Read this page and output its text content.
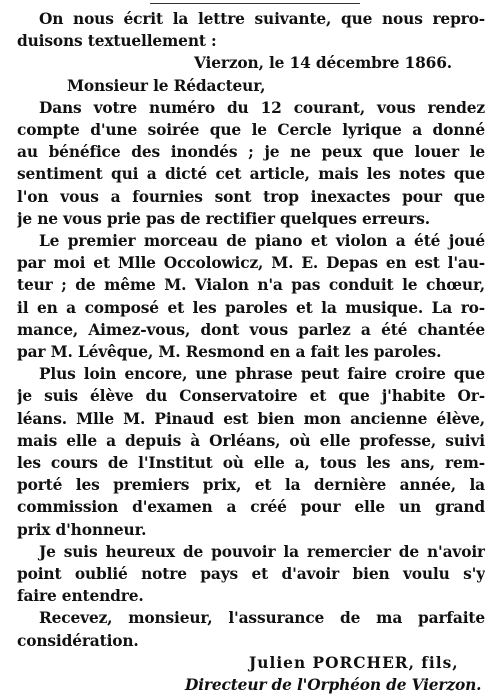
On nous écrit la lettre suivante, que nous repro-
duisons textuellement :
Vierzon, le 14 décembre 1866.
Monsieur le Rédacteur,
Dans votre numéro du 12 courant, vous rendez
compte d'une soirée que le Cercle lyrique a donné
au bénéfice des inondés ; je ne peux que louer le
sentiment qui a dicté cet article, mais les notes que
l'on vous a fournies sont trop inexactes pour que
je ne vous prie pas de rectifier quelques erreurs.
Le premier morceau de piano et violon a été joué
par moi et Mlle Occolowicz, M. E. Depas en est l'au-
teur ; de même M. Vialon n'a pas conduit le chœur,
il en a composé et les paroles et la musique. La ro-
mance, Aimez-vous, dont vous parlez a été chantée
par M. Lévêque, M. Resmond en a fait les paroles.
Plus loin encore, une phrase peut faire croire que
je suis élève du Conservatoire et que j'habite Or-
léans. Mlle M. Pinaud est bien mon ancienne élève,
mais elle a depuis à Orléans, où elle professe, suivi
les cours de l'Institut où elle a, tous les ans, rem-
porté les premiers prix, et la dernière année, la
commission d'examen a créé pour elle un grand
prix d'honneur.
Je suis heureux de pouvoir la remercier de n'avoir
point oublié notre pays et d'avoir bien voulu s'y
faire entendre.
Recevez, monsieur, l'assurance de ma parfaite
considération.
Julien PORCHER, fils,
Directeur de l'Orphéon de Vierzon.
